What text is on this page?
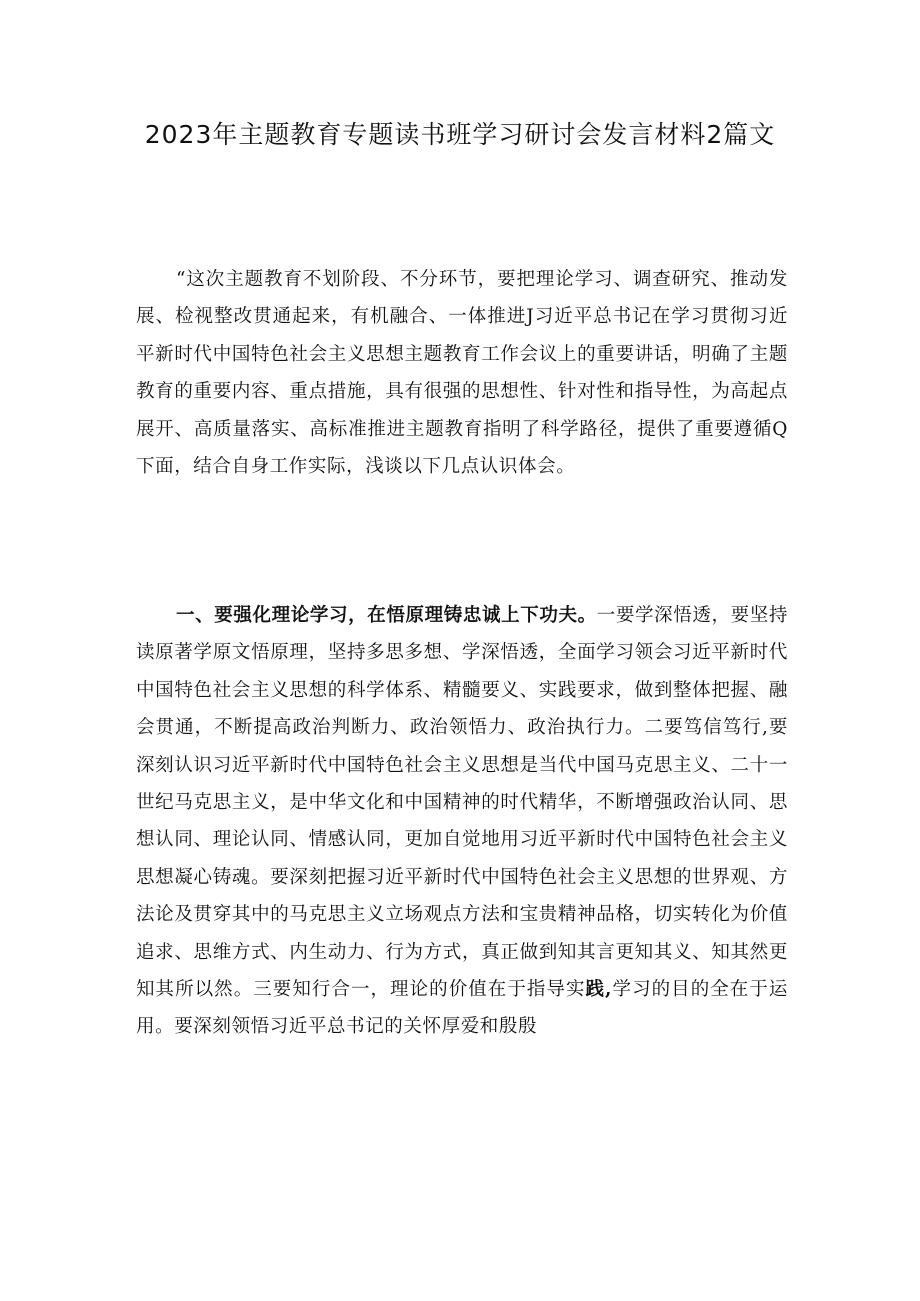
2023年主题教育专题读书班学习研讨会发言材料2篇文

“这次主题教育不划阶段、不分环节，要把理论学习、调查研究、推动发展、检视整改贯通起来，有机融合、一体推进J习近平总书记在学习贯彻习近平新时代中国特色社会主义思想主题教育工作会议上的重要讲话，明确了主题教育的重要内容、重点措施，具有很强的思想性、针对性和指导性，为高起点展开、高质量落实、高标准推进主题教育指明了科学路径，提供了重要遵循Q下面，结合自身工作实际，浅谈以下几点认识体会。

一、要强化理论学习，在悟原理铸忠诚上下功夫。一要学深悟透，要坚持读原著学原文悟原理，坚持多思多想、学深悟透，全面学习领会习近平新时代中国特色社会主义思想的科学体系、精髓要义、实践要求，做到整体把握、融会贯通，不断提高政治判断力、政治领悟力、政治执行力。二要笃信笃行,要深刻认识习近平新时代中国特色社会主义思想是当代中国马克思主义、二十一世纪马克思主义，是中华文化和中国精神的时代精华，不断增强政治认同、思想认同、理论认同、情感认同，更加自觉地用习近平新时代中国特色社会主义思想凝心铸魂。要深刻把握习近平新时代中国特色社会主义思想的世界观、方法论及贯穿其中的马克思主义立场观点方法和宝贵精神品格，切实转化为价值追求、思维方式、内生动力、行为方式，真正做到知其言更知其义、知其然更知其所以然。三要知行合一，理论的价值在于指导实践,学习的目的全在于运用。要深刻领悟习近平总书记的关怀厚爱和殷殷
